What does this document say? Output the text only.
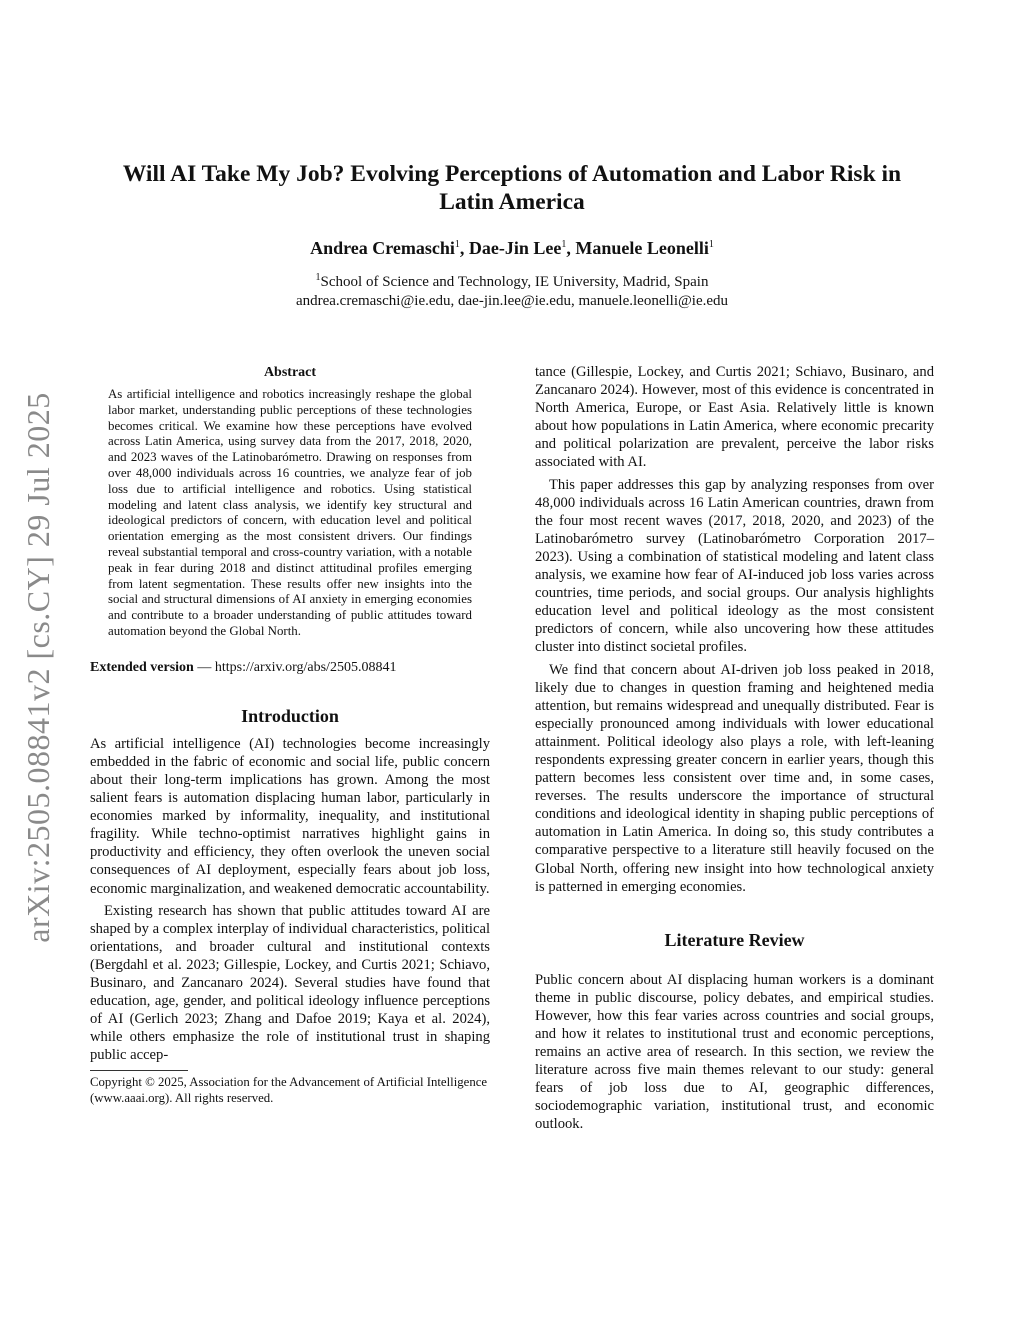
arXiv:2505.08841v2 [cs.CY] 29 Jul 2025
Will AI Take My Job? Evolving Perceptions of Automation and Labor Risk in Latin America
Andrea Cremaschi$^1$, Dae-Jin Lee$^1$, Manuele Leonelli$^1$
$^1$School of Science and Technology, IE University, Madrid, Spain
andrea.cremaschi@ie.edu, dae-jin.lee@ie.edu, manuele.leonelli@ie.edu
Abstract
As artificial intelligence and robotics increasingly reshape the global labor market, understanding public perceptions of these technologies becomes critical. We examine how these perceptions have evolved across Latin America, using survey data from the 2017, 2018, 2020, and 2023 waves of the Latinobarómetro. Drawing on responses from over 48,000 individuals across 16 countries, we analyze fear of job loss due to artificial intelligence and robotics. Using statistical modeling and latent class analysis, we identify key structural and ideological predictors of concern, with education level and political orientation emerging as the most consistent drivers. Our findings reveal substantial temporal and cross-country variation, with a notable peak in fear during 2018 and distinct attitudinal profiles emerging from latent segmentation. These results offer new insights into the social and structural dimensions of AI anxiety in emerging economies and contribute to a broader understanding of public attitudes toward automation beyond the Global North.
Extended version — https://arxiv.org/abs/2505.08841
Introduction

As artificial intelligence (AI) technologies become increasingly embedded in the fabric of economic and social life, public concern about their long-term implications has grown. Among the most salient fears is automation displacing human labor, particularly in economies marked by informality, inequality, and institutional fragility. While techno-optimist narratives highlight gains in productivity and efficiency, they often overlook the uneven social consequences of AI deployment, especially fears about job loss, economic marginalization, and weakened democratic accountability.

Existing research has shown that public attitudes toward AI are shaped by a complex interplay of individual characteristics, political orientations, and broader cultural and institutional contexts (Bergdahl et al. 2023; Gillespie, Lockey, and Curtis 2021; Schiavo, Businaro, and Zancanaro 2024). Several studies have found that education, age, gender, and political ideology influence perceptions of AI (Gerlich 2023; Zhang and Dafoe 2019; Kaya et al. 2024), while others emphasize the role of institutional trust in shaping public accep-

Copyright © 2025, Association for the Advancement of Artificial Intelligence (www.aaai.org). All rights reserved.

tance (Gillespie, Lockey, and Curtis 2021; Schiavo, Businaro, and Zancanaro 2024). However, most of this evidence is concentrated in North America, Europe, or East Asia. Relatively little is known about how populations in Latin America, where economic precarity and political polarization are prevalent, perceive the labor risks associated with AI.

This paper addresses this gap by analyzing responses from over 48,000 individuals across 16 Latin American countries, drawn from the four most recent waves (2017, 2018, 2020, and 2023) of the Latinobarómetro survey (Latinobarómetro Corporation 2017–2023). Using a combination of statistical modeling and latent class analysis, we examine how fear of AI-induced job loss varies across countries, time periods, and social groups. Our analysis highlights education level and political ideology as the most consistent predictors of concern, while also uncovering how these attitudes cluster into distinct societal profiles.

We find that concern about AI-driven job loss peaked in 2018, likely due to changes in question framing and heightened media attention, but remains widespread and unequally distributed. Fear is especially pronounced among individuals with lower educational attainment. Political ideology also plays a role, with left-leaning respondents expressing greater concern in earlier years, though this pattern becomes less consistent over time and, in some cases, reverses. The results underscore the importance of structural conditions and ideological identity in shaping public perceptions of automation in Latin America. In doing so, this study contributes a comparative perspective to a literature still heavily focused on the Global North, offering new insight into how technological anxiety is patterned in emerging economies.

Literature Review

Public concern about AI displacing human workers is a dominant theme in public discourse, policy debates, and empirical studies. However, how this fear varies across countries and social groups, and how it relates to institutional trust and economic perceptions, remains an active area of research. In this section, we review the literature across five main themes relevant to our study: general fears of job loss due to AI, geographic differences, sociodemographic variation, institutional trust, and economic outlook.
